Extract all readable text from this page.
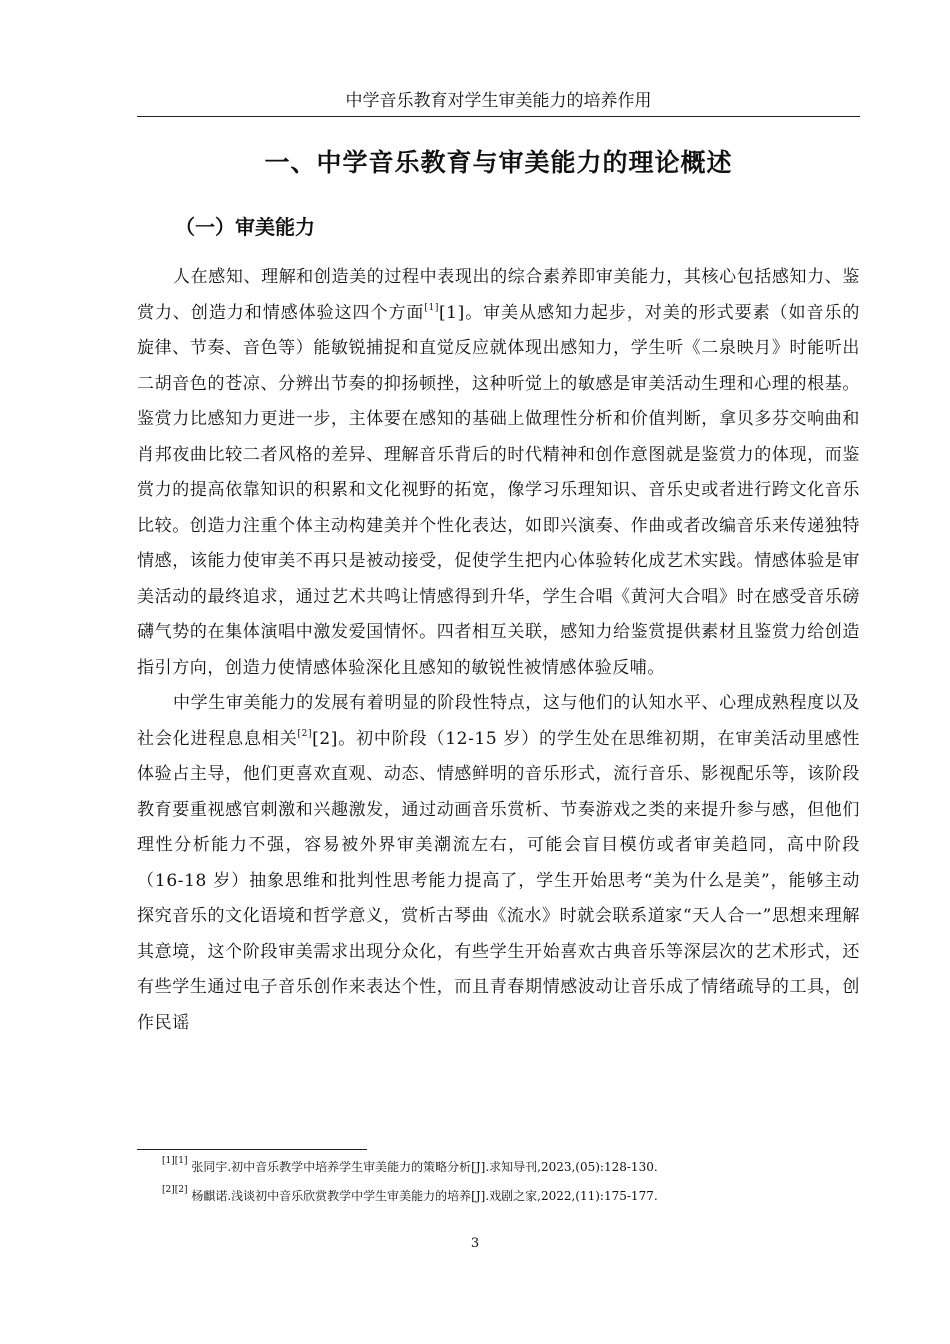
中学音乐教育对学生审美能力的培养作用
一、中学音乐教育与审美能力的理论概述
（一）审美能力

人在感知、理解和创造美的过程中表现出的综合素养即审美能力，其核心包括感知力、鉴赏力、创造力和情感体验这四个方面[1][1]。审美从感知力起步，对美的形式要素（如音乐的旋律、节奏、音色等）能敏锐捕捉和直觉反应就体现出感知力，学生听《二泉映月》时能听出二胡音色的苍凉、分辨出节奏的抑扬顿挫，这种听觉上的敏感是审美活动生理和心理的根基。鉴赏力比感知力更进一步，主体要在感知的基础上做理性分析和价值判断，拿贝多芬交响曲和肖邦夜曲比较二者风格的差异、理解音乐背后的时代精神和创作意图就是鉴赏力的体现，而鉴赏力的提高依靠知识的积累和文化视野的拓宽，像学习乐理知识、音乐史或者进行跨文化音乐比较。创造力注重个体主动构建美并个性化表达，如即兴演奏、作曲或者改编音乐来传递独特情感，该能力使审美不再只是被动接受，促使学生把内心体验转化成艺术实践。情感体验是审美活动的最终追求，通过艺术共鸣让情感得到升华，学生合唱《黄河大合唱》时在感受音乐磅礴气势的在集体演唱中激发爱国情怀。四者相互关联，感知力给鉴赏提供素材且鉴赏力给创造指引方向，创造力使情感体验深化且感知的敏锐性被情感体验反哺。

中学生审美能力的发展有着明显的阶段性特点，这与他们的认知水平、心理成熟程度以及社会化进程息息相关[2][2]。初中阶段（12-15 岁）的学生处在思维初期，在审美活动里感性体验占主导，他们更喜欢直观、动态、情感鲜明的音乐形式，流行音乐、影视配乐等，该阶段教育要重视感官刺激和兴趣激发，通过动画音乐赏析、节奏游戏之类的来提升参与感，但他们理性分析能力不强，容易被外界审美潮流左右，可能会盲目模仿或者审美趋同，高中阶段（16-18 岁）抽象思维和批判性思考能力提高了，学生开始思考“美为什么是美”，能够主动探究音乐的文化语境和哲学意义，赏析古琴曲《流水》时就会联系道家“天人合一”思想来理解其意境，这个阶段审美需求出现分众化，有些学生开始喜欢古典音乐等深层次的艺术形式，还有些学生通过电子音乐创作来表达个性，而且青春期情感波动让音乐成了情绪疏导的工具，创作民谣

[1][1] 张同宇.初中音乐教学中培养学生审美能力的策略分析[J].求知导刊,2023,(05):128-130.

[2][2] 杨麒诺.浅谈初中音乐欣赏教学中学生审美能力的培养[J].戏剧之家,2022,(11):175-177.

3
